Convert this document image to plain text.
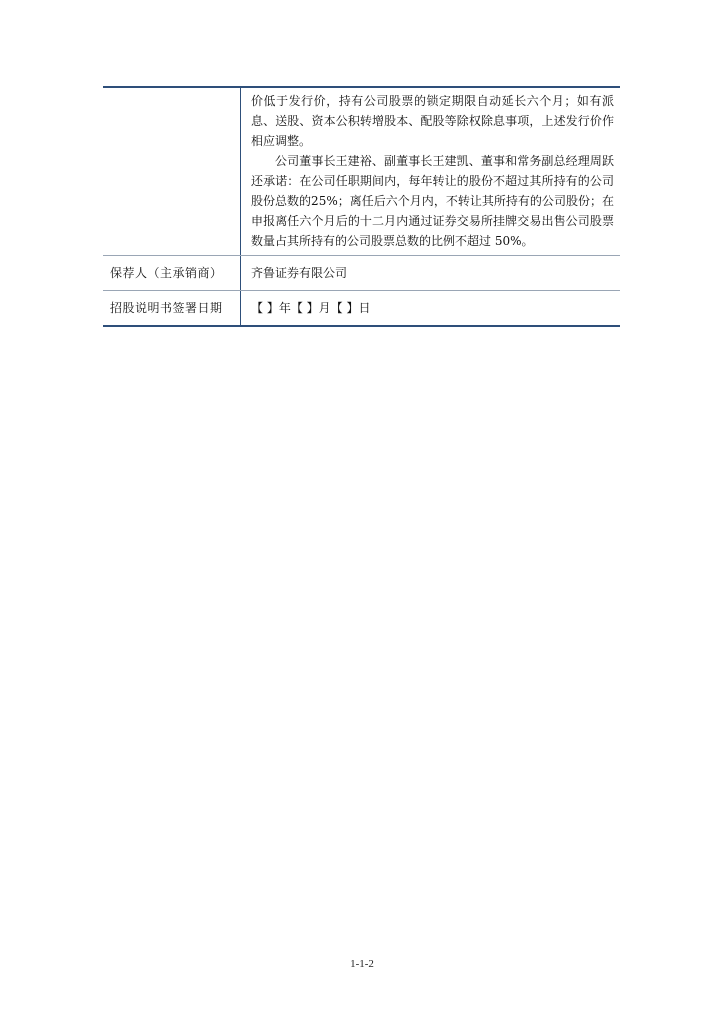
价低于发行价，持有公司股票的锁定期限自动延长六个月；如有派息、送股、资本公积转增股本、配股等除权除息事项，上述发行价作相应调整。

公司董事长王建裕、副董事长王建凯、董事和常务副总经理周跃还承诺：在公司任职期间内，每年转让的股份不超过其所持有的公司股份总数的25%；离任后六个月内，不转让其所持有的公司股份；在申报离任六个月后的十二月内通过证券交易所挂牌交易出售公司股票数量占其所持有的公司股票总数的比例不超过 50%。

保荐人（主承销商）	齐鲁证券有限公司
招股说明书签署日期	【 】年【 】月【 】日
1-1-2
